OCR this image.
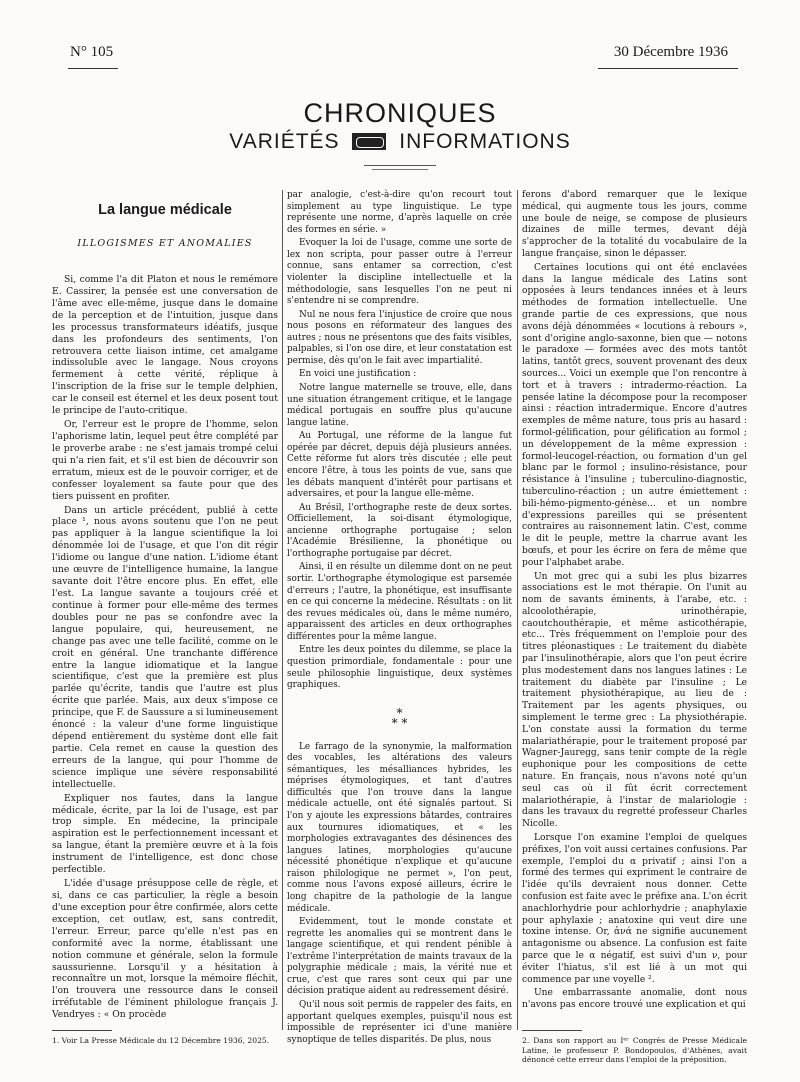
N° 105	30 Décembre 1936
CHRONIQUES
VARIÉTÉS	INFORMATIONS
La langue médicale
ILLOGISMES ET ANOMALIES

Si, comme l'a dit Platon et nous le remémore E. Cassirer, la pensée est une conversation de l'âme avec elle-même, jusque dans le domaine de la perception et de l'intuition, jusque dans les processus transformateurs idéatifs, jusque dans les profondeurs des sentiments, l'on retrouvera cette liaison intime, cet amalgame indissoluble avec le langage. Nous croyons fermement à cette vérité, réplique à l'inscription de la frise sur le temple delphien, car le conseil est éternel et les deux posent tout le principe de l'auto-critique.

Or, l'erreur est le propre de l'homme, selon l'aphorisme latin, lequel peut être complété par le proverbe arabe : ne s'est jamais trompé celui qui n'a rien fait, et s'il est bien de découvrir son erratum, mieux est de le pouvoir corriger, et de confesser loyalement sa faute pour que des tiers puissent en profiter.

Dans un article précédent, publié à cette place ¹, nous avons soutenu que l'on ne peut pas appliquer à la langue scientifique la loi dénommée loi de l'usage, et que l'on dit régir l'idiome ou langue d'une nation. L'idiome étant une œuvre de l'intelligence humaine, la langue savante doit l'être encore plus. En effet, elle l'est. La langue savante a toujours créé et continue à former pour elle-même des termes doubles pour ne pas se confondre avec la langue populaire, qui, heureusement, ne change pas avec une telle facilité, comme on le croit en général. Une tranchante différence entre la langue idiomatique et la langue scientifique, c'est que la première est plus parlée qu'écrite, tandis que l'autre est plus écrite que parlée. Mais, aux deux s'impose ce principe, que F. de Saussure a si lumineusement énoncé : la valeur d'une forme linguistique dépend entièrement du système dont elle fait partie. Cela remet en cause la question des erreurs de la langue, qui pour l'homme de science implique une sévère responsabilité intellectuelle.

Expliquer nos fautes, dans la langue médicale, écrite, par la loi de l'usage, est par trop simple. En médecine, la principale aspiration est le perfectionnement incessant et sa langue, étant la première œuvre et à la fois instrument de l'intelligence, est donc chose perfectible.

L'idée d'usage présuppose celle de règle, et si, dans ce cas particulier, la règle a besoin d'une exception pour être confirmée, alors cette exception, cet outlaw, est, sans contredit, l'erreur. Erreur, parce qu'elle n'est pas en conformité avec la norme, établissant une notion commune et générale, selon la formule saussurienne. Lorsqu'il y a hésitation à reconnaître un mot, lorsque la mémoire fléchit, l'on trouvera une ressource dans le conseil irréfutable de l'éminent philologue français J. Vendryes : « On procède

1. Voir La Presse Médicale du 12 Décembre 1936, 2025.

par analogie, c'est-à-dire qu'on recourt tout simplement au type linguistique. Le type représente une norme, d'après laquelle on crée des formes en série. »

Evoquer la loi de l'usage, comme une sorte de lex non scripta, pour passer outre à l'erreur connue, sans entamer sa correction, c'est violenter la discipline intellectuelle et la méthodologie, sans lesquelles l'on ne peut ni s'entendre ni se comprendre.

Nul ne nous fera l'injustice de croire que nous nous posons en réformateur des langues des autres ; nous ne présentons que des faits visibles, palpables, si l'on ose dire, et leur constatation est permise, dès qu'on le fait avec impartialité.

En voici une justification :

Notre langue maternelle se trouve, elle, dans une situation étrangement critique, et le langage médical portugais en souffre plus qu'aucune langue latine.

Au Portugal, une réforme de la langue fut opérée par décret, depuis déjà plusieurs années. Cette réforme fut alors très discutée ; elle peut encore l'être, à tous les points de vue, sans que les débats manquent d'intérêt pour partisans et adversaires, et pour la langue elle-même.

Au Brésil, l'orthographe reste de deux sortes. Officiellement, la soi-disant étymologique, ancienne orthographe portugaise ; selon l'Académie Brésilienne, la phonétique ou l'orthographe portugaise par décret.

Ainsi, il en résulte un dilemme dont on ne peut sortir. L'orthographe étymologique est parsemée d'erreurs ; l'autre, la phonétique, est insuffisante en ce qui concerne la médecine. Résultats : on lit des revues médicales où, dans le même numéro, apparaissent des articles en deux orthographes différentes pour la même langue.

Entre les deux pointes du dilemme, se place la question primordiale, fondamentale : pour une seule philosophie linguistique, deux systèmes graphiques.

*
* *

Le farrago de la synonymie, la malformation des vocables, les altérations des valeurs sémantiques, les mésalliances hybrides, les méprises étymologiques, et tant d'autres difficultés que l'on trouve dans la langue médicale actuelle, ont été signalés partout. Si l'on y ajoute les expressions bâtardes, contraires aux tournures idiomatiques, et « les morphologies extravagantes des désinences des langues latines, morphologies qu'aucune nécessité phonétique n'explique et qu'aucune raison philologique ne permet », l'on peut, comme nous l'avons exposé ailleurs, écrire le long chapitre de la pathologie de la langue médicale.

Evidemment, tout le monde constate et regrette les anomalies qui se montrent dans le langage scientifique, et qui rendent pénible à l'extrême l'interprétation de maints travaux de la polygraphie médicale ; mais, la vérité nue et crue, c'est que rares sont ceux qui par une décision pratique aident au redressement désiré.

Qu'il nous soit permis de rappeler des faits, en apportant quelques exemples, puisqu'il nous est impossible de représenter ici d'une manière synoptique de telles disparités. De plus, nous

ferons d'abord remarquer que le lexique médical, qui augmente tous les jours, comme une boule de neige, se compose de plusieurs dizaines de mille termes, devant déjà s'approcher de la totalité du vocabulaire de la langue française, sinon le dépasser.

Certaines locutions qui ont été enclavées dans la langue médicale des Latins sont opposées à leurs tendances innées et à leurs méthodes de formation intellectuelle. Une grande partie de ces expressions, que nous avons déjà dénommées « locutions à rebours », sont d'origine anglo-saxonne, bien que — notons le paradoxe — formées avec des mots tantôt latins, tantôt grecs, souvent provenant des deux sources... Voici un exemple que l'on rencontre à tort et à travers : intradermo-réaction. La pensée latine la décompose pour la recomposer ainsi : réaction intradermique. Encore d'autres exemples de même nature, tous pris au hasard : formol-gélification, pour gélification au formol ; un développement de la même expression : formol-leucogel-réaction, ou formation d'un gel blanc par le formol ; insulino-résistance, pour résistance à l'insuline ; tuberculino-diagnostic, tuberculino-réaction ; un autre émiettement : bili-hémo-pigmento-génèse... et un nombre d'expressions pareilles qui se présentent contraires au raisonnement latin. C'est, comme le dit le peuple, mettre la charrue avant les bœufs, et pour les écrire on fera de même que pour l'alphabet arabe.

Un mot grec qui a subi les plus bizarres associations est le mot thérapie. On l'unit au nom de savants éminents, à l'arabe, etc. : alcoolothérapie, urinothérapie, caoutchouthérapie, et même asticothérapie, etc... Très fréquemment on l'emploie pour des titres pléonastiques : Le traitement du diabète par l'insulinothérapie, alors que l'on peut écrire plus modestement dans nos langues latines : Le traitement du diabète par l'insuline ; Le traitement physiothérapique, au lieu de : Traitement par les agents physiques, ou simplement le terme grec : La physiothérapie. L'on constate aussi la formation du terme malariathérapie, pour le traitement proposé par Wagner-Jauregg, sans tenir compte de la règle euphonique pour les compositions de cette nature. En français, nous n'avons noté qu'un seul cas où il fût écrit correctement malariothérapie, à l'instar de malariologie : dans les travaux du regretté professeur Charles Nicolle.

Lorsque l'on examine l'emploi de quelques préfixes, l'on voit aussi certaines confusions. Par exemple, l'emploi du α privatif ; ainsi l'on a formé des termes qui expriment le contraire de l'idée qu'ils devraient nous donner. Cette confusion est faite avec le préfixe ana. L'on écrit anachlorhydrie pour achlorhydrie ; anaphylaxie pour aphylaxie ; anatoxine qui veut dire une toxine intense. Or, ἀνά ne signifie aucunement antagonisme ou absence. La confusion est faite parce que le α négatif, est suivi d'un ν, pour éviter l'hiatus, s'il est lié à un mot qui commence par une voyelle ².

Une embarrassante anomalie, dont nous n'avons pas encore trouvé une explication et qui

2. Dans son rapport au Iᵉʳ Congrès de Presse Médicale Latine, le professeur P. Bondopoulos, d'Athènes, avait dénoncé cette erreur dans l'emploi de la préposition.
